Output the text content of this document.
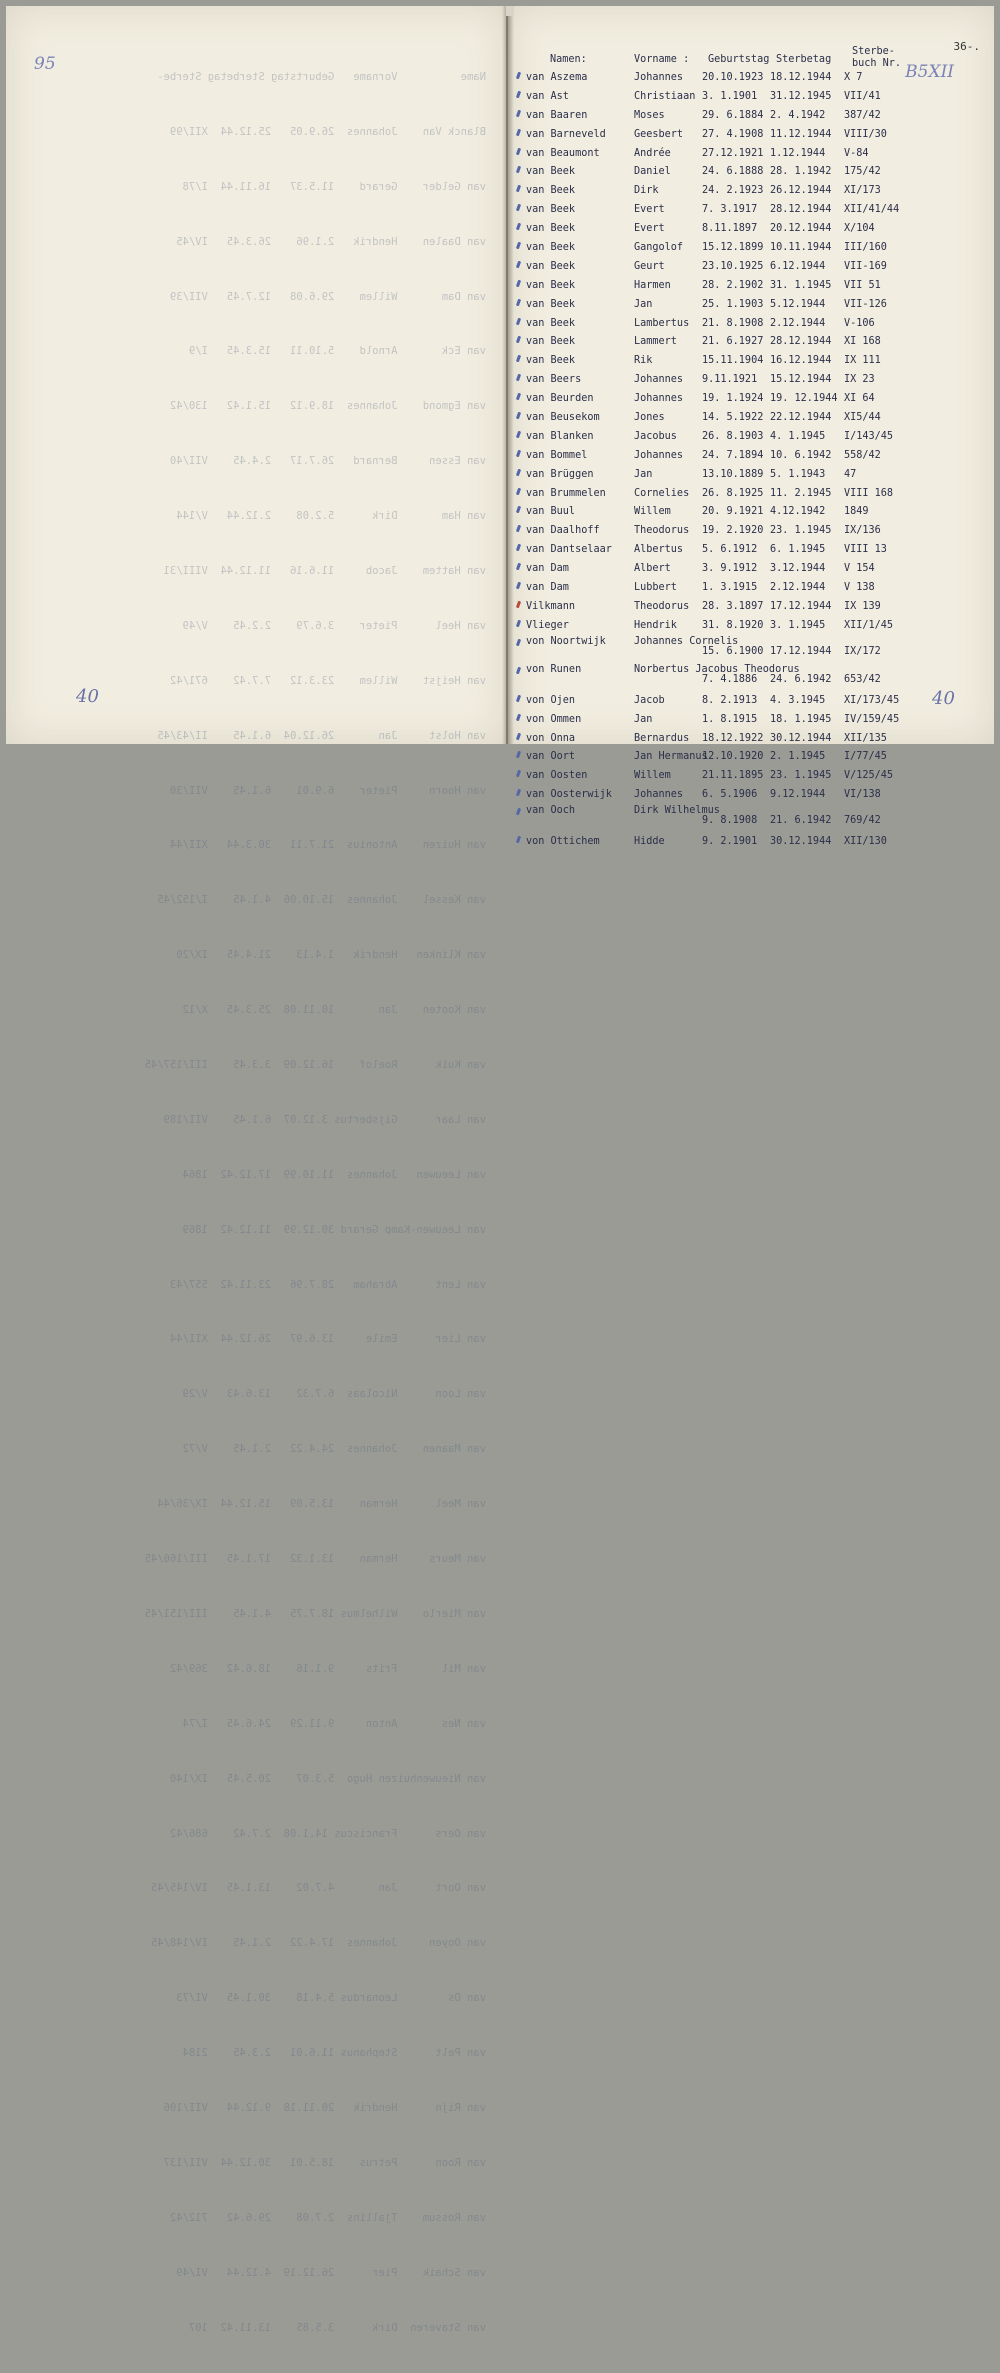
Name          Vorname   Geburtstag Sterbetag Sterbe-

Blanck Van    Johannes  26.9.05   25.12.44  XII/99

van Gelder    Gerard    11.5.37   16.11.44  I/78

van Daalen    Hendrik   2.1.96    26.3.45   IV/45

van Dam       Willem    29.6.08   12.7.45   VII/39

van Eck       Arnold    5.10.11   15.3.45   I/9

van Egmond    Johannes  18.9.12   15.1.42   130/42

van Essen     Bernard   26.7.17   2.4.45    VII/40

van Ham       Dirk      5.2.08    2.12.44   V/144

van Hattem    Jacob     11.6.16   11.12.44  VIII/31

van Heel      Pieter    3.6.79    2.2.45    V/49

van Heijst    Willem    23.3.12   7.7.42    671/42

van Holst     Jan       26.12.04  6.1.45    II/43/45

van Hoorn     Pieter    6.9.01    6.1.45    VII/30

van Huizen    Antonius  21.7.11   30.3.44   XII/44

van Kessel    Johannes  15.10.06  4.1.45    I/152/45

van Klinken   Hendrik   1.4.13    21.4.45   IX/20

van Kooten    Jan       10.11.08  25.3.45   X/12

van Kuik      Roelof    16.12.09  3.3.45    III/157/45

van Laar      Gijsbertus 3.12.07  6.1.45    VII/189

van Leeuwen   Johannes  11.10.99  17.12.42  1864

van Leeuwen-Kamp Gerard 30.12.99  11.12.42  1869

van Lent      Abraham   28.7.96   23.11.42  557/43

van Lier      Emile     13.6.97   26.12.44  XII/44

van Loon      Nicolaas  6.7.32    13.6.43   V/29

van Maanen    Johannes  24.4.22   2.1.45    V/72

van Meel      Herman    13.5.09   15.12.44  IX/36/44

van Meurs     Herman    13.1.32   17.1.45   III/160/45

van Mierlo    Wilhelmus 18.7.75   4.1.45    III/151/45

van Mil       Frits     9.1.16    18.6.42   369/42

van Nes       Anton     9.11.29   24.6.45   I/74

van Nieuwenhuizen Hugo  5.3.07    20.5.45   IX/140

van Oers      Franciscus 14.1.08  2.7.42    686/42

van Oort      Jan       4.7.02    13.1.45   IV/145/45

van Ooyen     Johannes  17.4.22   2.1.45    IV/148/45

van Os        Leonardus 5.4.18    30.1.45   VI/73

van Pelt      Stephanus 11.6.01   2.3.45    2184

van Rijn      Hendrik   20.11.18  9.12.44   VII/106

van Roon      Petrus    18.5.01   30.12.44  VII/137

van Rossum    Tjallins  2.7.08    29.6.42   712/42

van Schaik    Pier      26.12.19  4.12.44   VI/49

van Staveren  Dirk      3.5.85    13.11.42  107

95
40
36-.
B5XII
40
Namen:	Vorname : Geburtstag Sterbetag
Sterbe- buch Nr.
van Aszema	Johannes 20.10.1923 18.12.1944 X 7
van Ast	Christiaan 3. 1.1901 31.12.1945 VII/41
van Baaren	Moses	29. 6.1884 2. 4.1942 387/42
van Barneveld	Geesbert 27. 4.1908 11.12.1944 VIII/30
van Beaumont	Andrée	27.12.1921 1.12.1944 V-84
van Beek	Daniel	24. 6.1888 28. 1.1942 175/42
van Beek	Dirk	24. 2.1923 26.12.1944 XI/173
van Beek	Evert	7. 3.1917 28.12.1944 XII/41/44
van Beek	Evert	8.11.1897 20.12.1944 X/104
van Beek	Gangolof 15.12.1899 10.11.1944 III/160
van Beek	Geurt	23.10.1925 6.12.1944 VII-169
van Beek	Harmen	28. 2.1902 31. 1.1945 VII 51
van Beek	Jan	25. 1.1903 5.12.1944 VII-126
van Beek	Lambertus 21. 8.1908 2.12.1944 V-106
van Beek	Lammert 21. 6.1927 28.12.1944 XI 168
van Beek	Rik	15.11.1904 16.12.1944 IX 111
van Beers	Johannes 9.11.1921 15.12.1944 IX 23
van Beurden	Johannes 19. 1.1924 19. 12.1944 XI 64
van Beusekom	Jones	14. 5.1922 22.12.1944 XI5/44
van Blanken	Jacobus 26. 8.1903 4. 1.1945 I/143/45
van Bommel	Johannes 24. 7.1894 10. 6.1942 558/42
van Brüggen	Jan	13.10.1889 5. 1.1943 47
van Brummelen	Cornelies 26. 8.1925 11. 2.1945 VIII 168
van Buul	Willem	20. 9.1921 4.12.1942 1849
van Daalhoff	Theodorus 19. 2.1920 23. 1.1945 IX/136
van Dantselaar Albertus 5. 6.1912 6. 1.1945 VIII 13
van Dam	Albert	3. 9.1912 3.12.1944 V 154
van Dam	Lubbert 1. 3.1915 2.12.1944 V 138
Vilkmann	Theodorus 28. 3.1897 17.12.1944 IX 139
Vlieger	Hendrik 31. 8.1920 3. 1.1945 XII/1/45
von Noortwijk	Johannes Cornelis
15. 6.1900 17.12.1944 IX/172
von Runen	Norbertus Jacobus Theodorus
7. 4.1886 24. 6.1942 653/42
von Ojen	Jacob	8. 2.1913 4. 3.1945 XI/173/45
von Ommen	Jan	1. 8.1915 18. 1.1945 IV/159/45
von Onna	Bernardus 18.12.1922 30.12.1944 XII/135
van Oort	Jan Hermanus
12.10.1920 2. 1.1945 I/77/45
van Oosten	Willem	21.11.1895 23. 1.1945 V/125/45
van Oosterwijk Johannes 6. 5.1906 9.12.1944 VI/138
van Ooch	Dirk Wilhelmus
9. 8.1908 21. 6.1942 769/42
von Ottichem	Hidde	9. 2.1901 30.12.1944 XII/130
